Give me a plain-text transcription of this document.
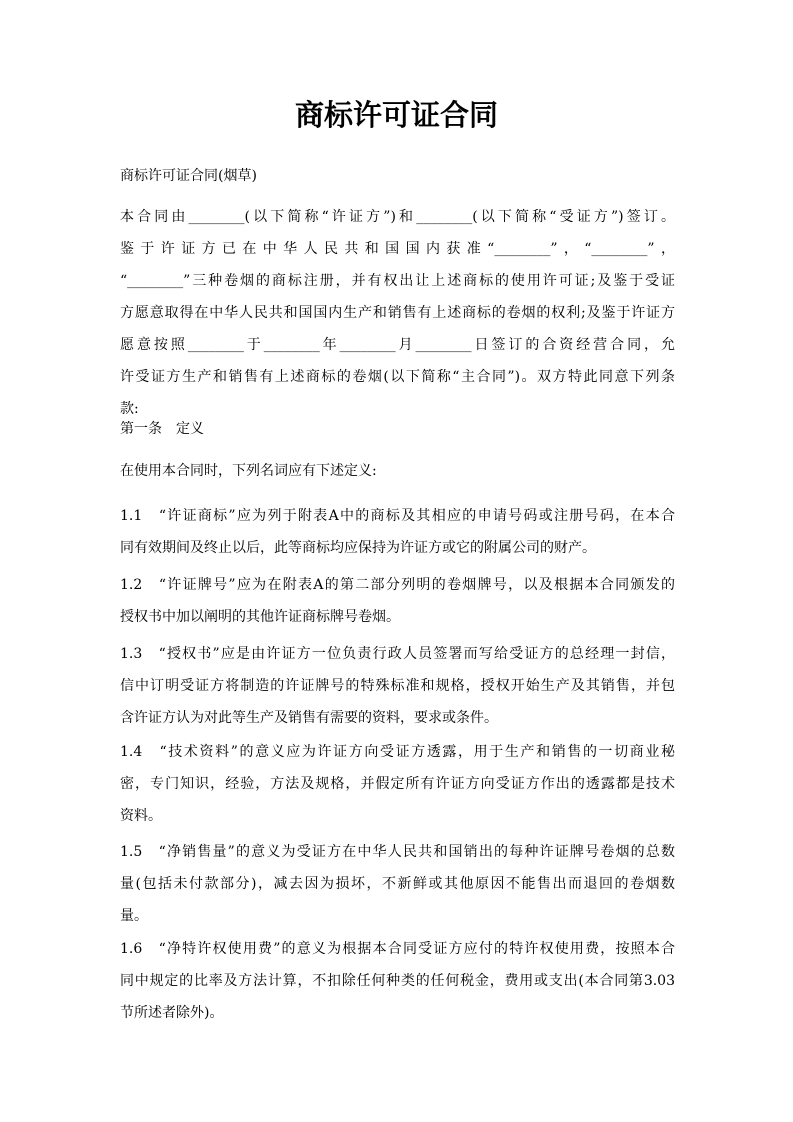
商标许可证合同

商标许可证合同(烟草)

本合同由________(以下简称“许证方”)和________(以下简称“受证方”)签订。
鉴于许证方已在中华人民共和国国内获准“________”，“________”，
“________”三种卷烟的商标注册，并有权出让上述商标的使用许可证;及鉴于受证
方愿意取得在中华人民共和国国内生产和销售有上述商标的卷烟的权利;及鉴于许证方
愿意按照________于________年________月________日签订的合资经营合同，允
许受证方生产和销售有上述商标的卷烟(以下简称“主合同”)。双方特此同意下列条
款:

第一条　定义

在使用本合同时，下列名词应有下述定义:

1.1　“许证商标”应为列于附表A中的商标及其相应的申请号码或注册号码，在本合
同有效期间及终止以后，此等商标均应保持为许证方或它的附属公司的财产。

1.2　“许证牌号”应为在附表A的第二部分列明的卷烟牌号，以及根据本合同颁发的
授权书中加以阐明的其他许证商标牌号卷烟。

1.3　“授权书”应是由许证方一位负责行政人员签署而写给受证方的总经理一封信，
信中订明受证方将制造的许证牌号的特殊标准和规格，授权开始生产及其销售，并包
含许证方认为对此等生产及销售有需要的资料，要求或条件。

1.4　“技术资料”的意义应为许证方向受证方透露，用于生产和销售的一切商业秘
密，专门知识，经验，方法及规格，并假定所有许证方向受证方作出的透露都是技术
资料。

1.5　“净销售量”的意义为受证方在中华人民共和国销出的每种许证牌号卷烟的总数
量(包括未付款部分)，减去因为损坏，不新鲜或其他原因不能售出而退回的卷烟数
量。

1.6　“净特许权使用费”的意义为根据本合同受证方应付的特许权使用费，按照本合
同中规定的比率及方法计算，不扣除任何种类的任何税金，费用或支出(本合同第3.03
节所述者除外)。
